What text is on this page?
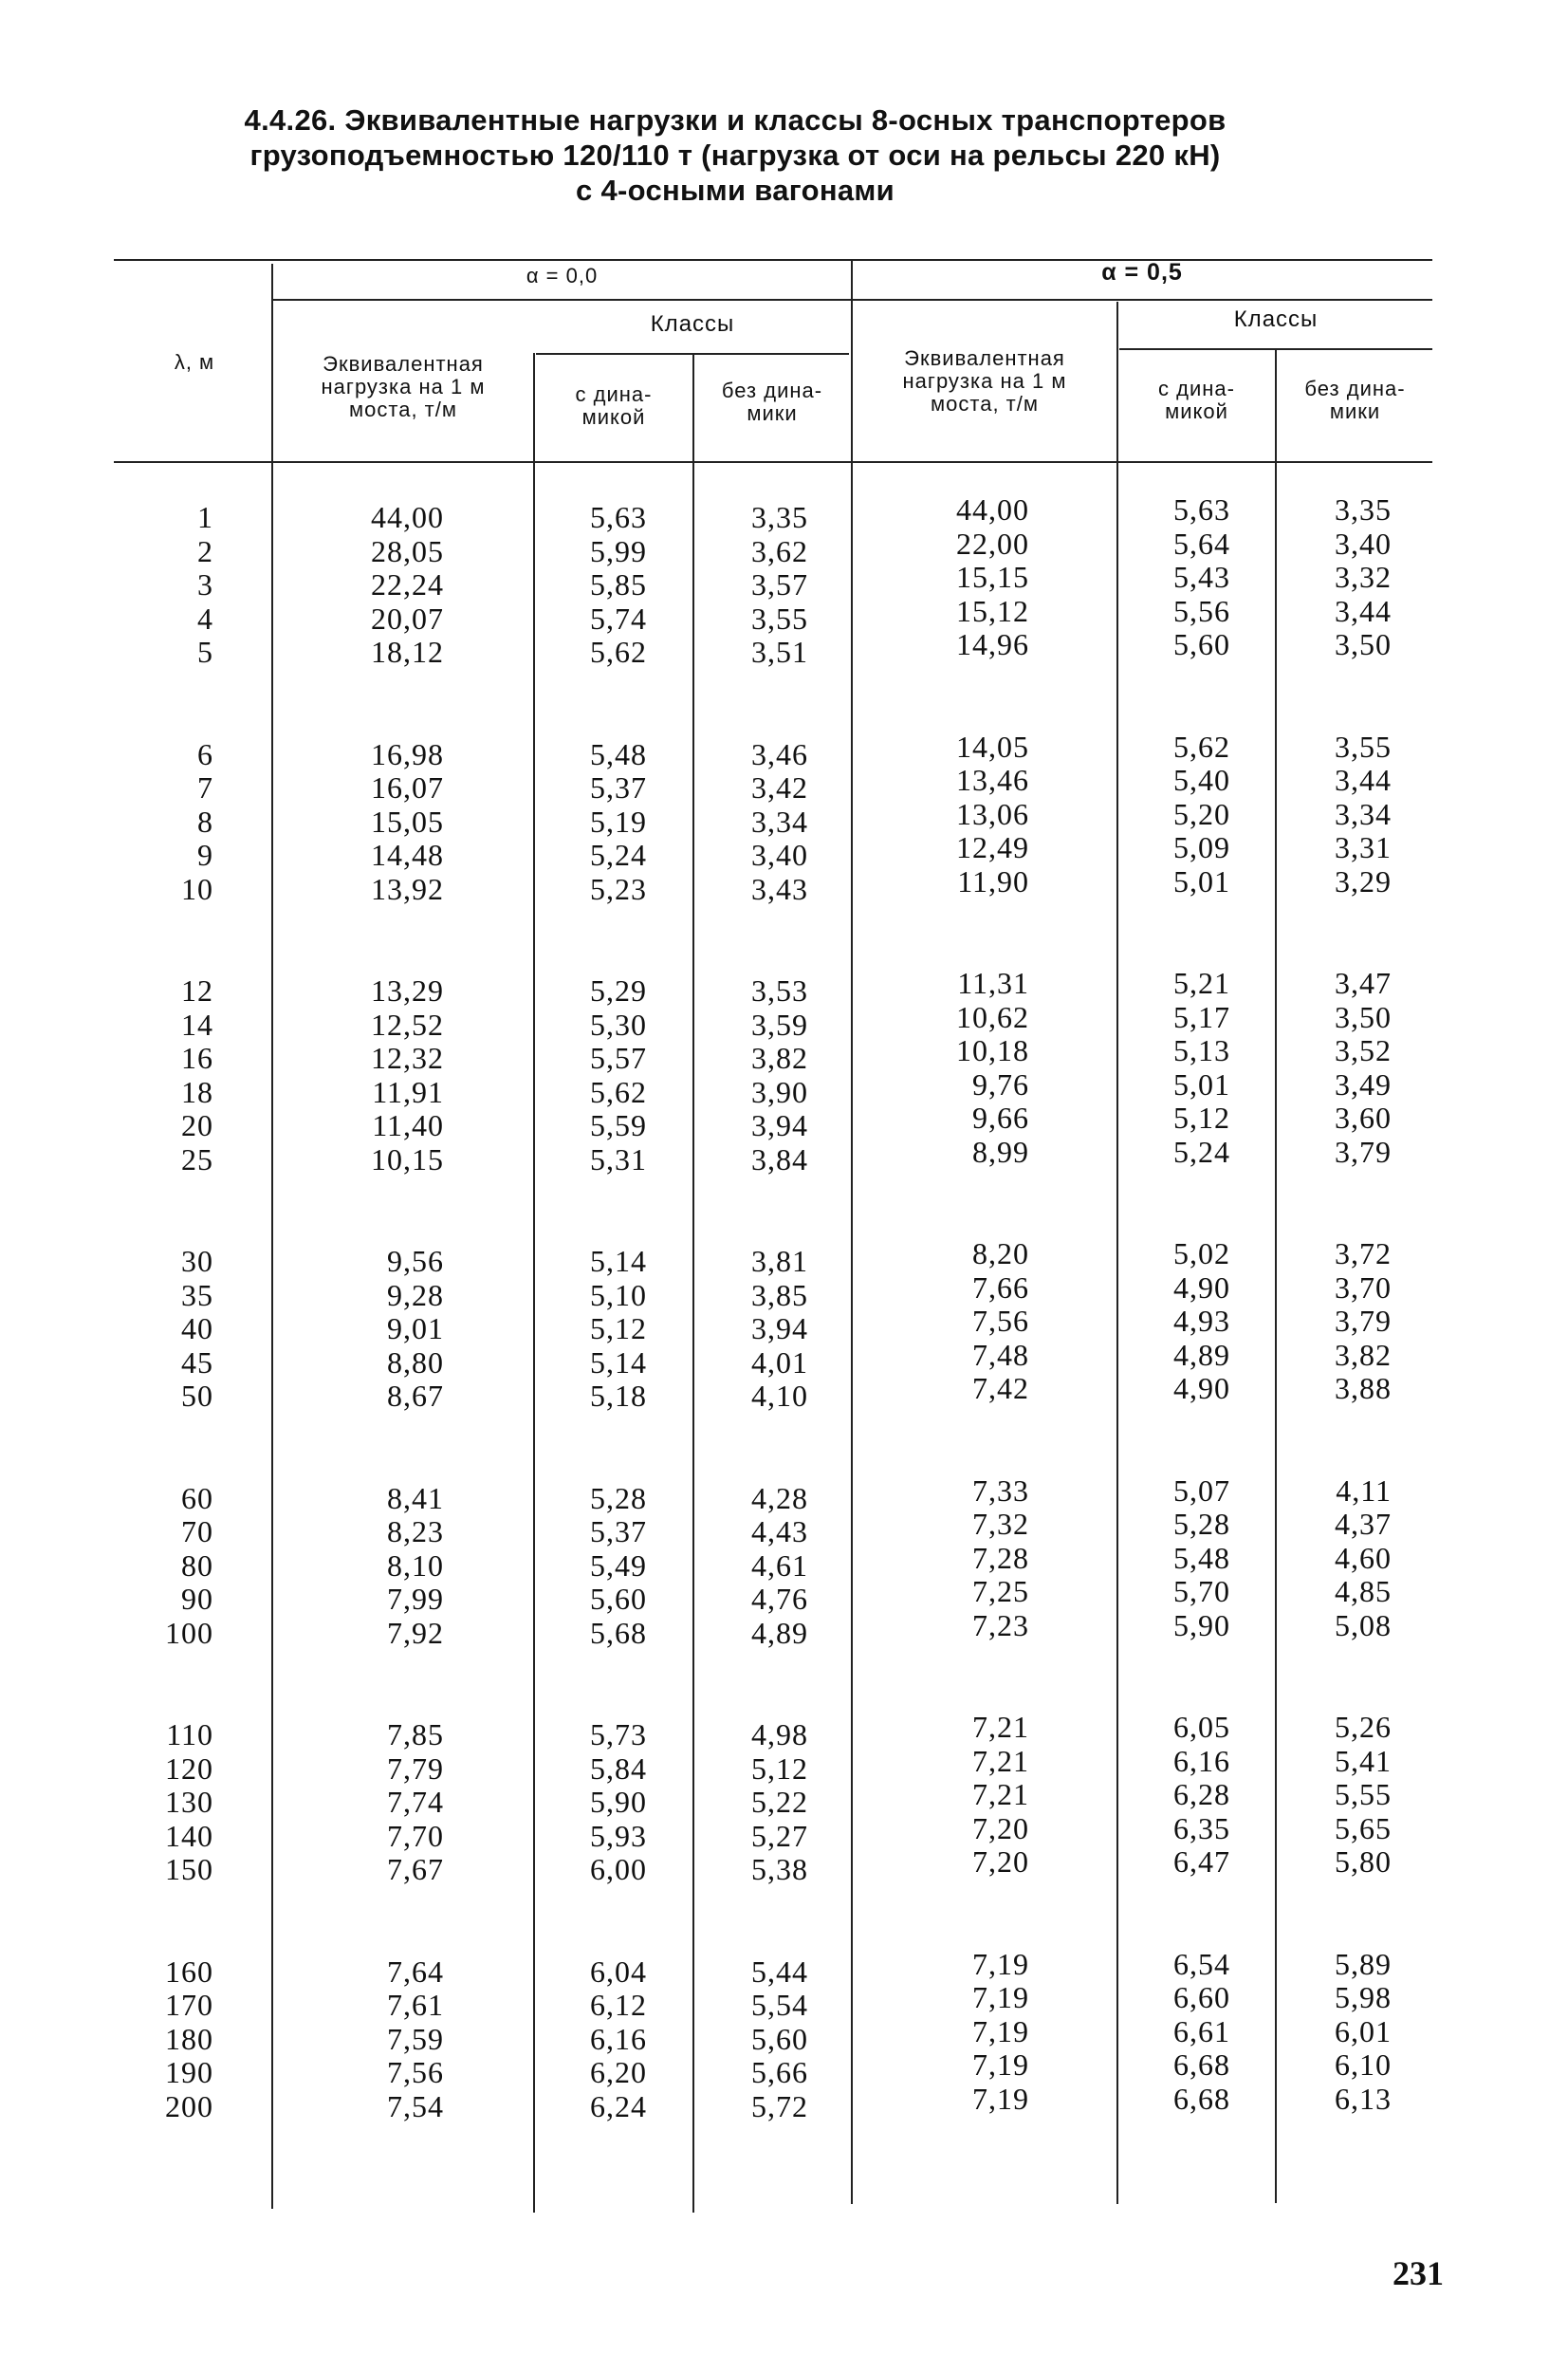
4.4.26. Эквивалентные нагрузки и классы 8-осных транспортеров
грузоподъемностью 120/110 т (нагрузка от оси на рельсы 220 кН)
с 4-осными вагонами
λ, м
α = 0,0	α = 0,5
Эквивалентная
нагрузка на 1 м
моста, т/м
Эквивалентная
нагрузка на 1 м
моста, т/м
Классы	Классы
с дина-
микой
без дина-
мики
с дина-
микой
без дина-
мики
1
2
3
4
5
6
7
8
9
10
12
14
16
18
20
25
30
35
40
45
50
60
70
80
90
100
110
120
130
140
150
160
170
180
190
200
44,00
28,05
22,24
20,07
18,12
16,98
16,07
15,05
14,48
13,92
13,29
12,52
12,32
11,91
11,40
10,15
9,56
9,28
9,01
8,80
8,67
8,41
8,23
8,10
7,99
7,92
7,85
7,79
7,74
7,70
7,67
7,64
7,61
7,59
7,56
7,54
5,63
5,99
5,85
5,74
5,62
5,48
5,37
5,19
5,24
5,23
5,29
5,30
5,57
5,62
5,59
5,31
5,14
5,10
5,12
5,14
5,18
5,28
5,37
5,49
5,60
5,68
5,73
5,84
5,90
5,93
6,00
6,04
6,12
6,16
6,20
6,24
3,35
3,62
3,57
3,55
3,51
3,46
3,42
3,34
3,40
3,43
3,53
3,59
3,82
3,90
3,94
3,84
3,81
3,85
3,94
4,01
4,10
4,28
4,43
4,61
4,76
4,89
4,98
5,12
5,22
5,27
5,38
5,44
5,54
5,60
5,66
5,72
44,00
22,00
15,15
15,12
14,96
14,05
13,46
13,06
12,49
11,90
11,31
10,62
10,18
9,76
9,66
8,99
8,20
7,66
7,56
7,48
7,42
7,33
7,32
7,28
7,25
7,23
7,21
7,21
7,21
7,20
7,20
7,19
7,19
7,19
7,19
7,19
5,63
5,64
5,43
5,56
5,60
5,62
5,40
5,20
5,09
5,01
5,21
5,17
5,13
5,01
5,12
5,24
5,02
4,90
4,93
4,89
4,90
5,07
5,28
5,48
5,70
5,90
6,05
6,16
6,28
6,35
6,47
6,54
6,60
6,61
6,68
6,68
3,35
3,40
3,32
3,44
3,50
3,55
3,44
3,34
3,31
3,29
3,47
3,50
3,52
3,49
3,60
3,79
3,72
3,70
3,79
3,82
3,88
4,11
4,37
4,60
4,85
5,08
5,26
5,41
5,55
5,65
5,80
5,89
5,98
6,01
6,10
6,13
231
